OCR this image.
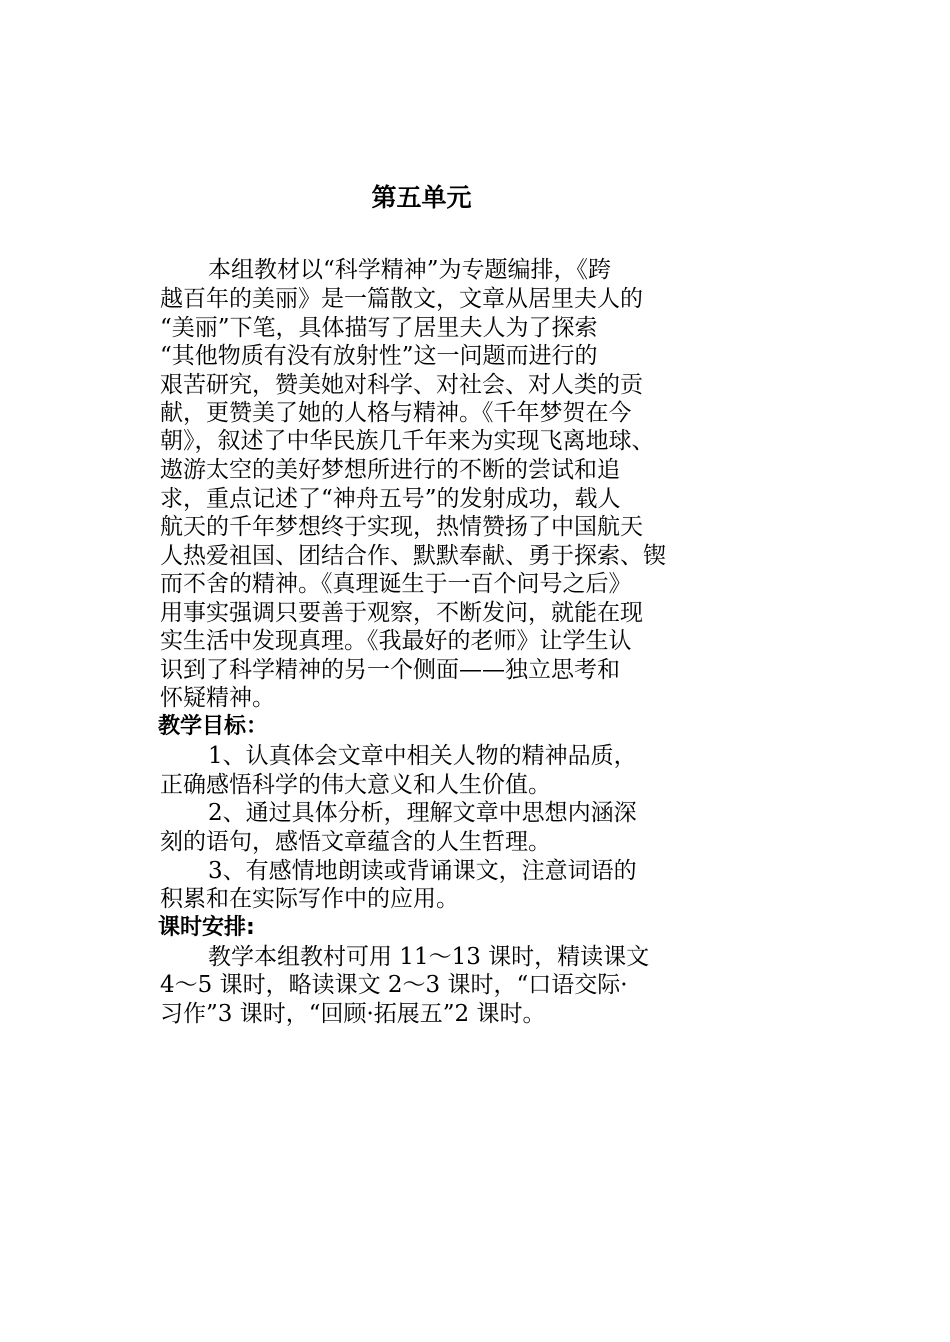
第五单元
本组教材以“科学精神”为专题编排，《跨
越百年的美丽》是一篇散文，文章从居里夫人的
“美丽”下笔，具体描写了居里夫人为了探索
“其他物质有没有放射性”这一问题而进行的
艰苦研究，赞美她对科学、对社会、对人类的贡
献，更赞美了她的人格与精神。《千年梦贺在今
朝》，叙述了中华民族几千年来为实现飞离地球、
遨游太空的美好梦想所进行的不断的尝试和追
求，重点记述了“神舟五号”的发射成功，载人
航天的千年梦想终于实现，热情赞扬了中国航天
人热爱祖国、团结合作、默默奉献、勇于探索、锲
而不舍的精神。《真理诞生于一百个问号之后》
用事实强调只要善于观察，不断发问，就能在现
实生活中发现真理。《我最好的老师》让学生认
识到了科学精神的另一个侧面——独立思考和
怀疑精神。
教学目标：
1、认真体会文章中相关人物的精神品质，
正确感悟科学的伟大意义和人生价值。
2、通过具体分析，理解文章中思想内涵深
刻的语句，感悟文章蕴含的人生哲理。
3、有感情地朗读或背诵课文，注意词语的
积累和在实际写作中的应用。
课时安排:
教学本组教村可用 11～13 课时，精读课文
4～5 课时，略读课文 2～3 课时，“口语交际·
习作”3 课时，“回顾·拓展五”2 课时。
